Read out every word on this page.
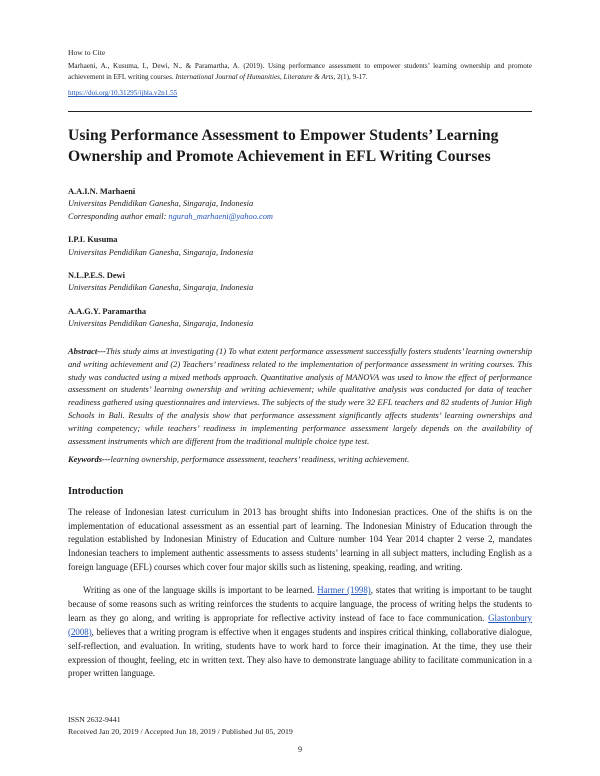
How to Cite
Marhaeni, A., Kusuma, I., Dewi, N., & Paramartha, A. (2019). Using performance assessment to empower students’ learning ownership and promote achievement in EFL writing courses. International Journal of Humanities, Literature & Arts, 2(1), 9-17.
https://doi.org/10.31295/ijhla.v2n1.55
Using Performance Assessment to Empower Students’ Learning Ownership and Promote Achievement in EFL Writing Courses
A.A.I.N. Marhaeni
Universitas Pendidikan Ganesha, Singaraja, Indonesia
Corresponding author email: ngurah_marhaeni@yahoo.com
I.P.I. Kusuma
Universitas Pendidikan Ganesha, Singaraja, Indonesia
N.L.P.E.S. Dewi
Universitas Pendidikan Ganesha, Singaraja, Indonesia
A.A.G.Y. Paramartha
Universitas Pendidikan Ganesha, Singaraja, Indonesia
Abstract---This study aims at investigating (1) To what extent performance assessment successfully fosters students’ learning ownership and writing achievement and (2) Teachers’ readiness related to the implementation of performance assessment in writing courses. This study was conducted using a mixed methods approach. Quantitative analysis of MANOVA was used to know the effect of performance assessment on students’ learning ownership and writing achievement; while qualitative analysis was conducted for data of teacher readiness gathered using questionnaires and interviews. The subjects of the study were 32 EFL teachers and 82 students of Junior High Schools in Bali. Results of the analysis show that performance assessment significantly affects students’ learning ownerships and writing competency; while teachers’ readiness in implementing performance assessment largely depends on the availability of assessment instruments which are different from the traditional multiple choice type test.
Keywords---learning ownership, performance assessment, teachers’ readiness, writing achievement.
Introduction

The release of Indonesian latest curriculum in 2013 has brought shifts into Indonesian practices. One of the shifts is on the implementation of educational assessment as an essential part of learning. The Indonesian Ministry of Education through the regulation established by Indonesian Ministry of Education and Culture number 104 Year 2014 chapter 2 verse 2, mandates Indonesian teachers to implement authentic assessments to assess students’ learning in all subject matters, including English as a foreign language (EFL) courses which cover four major skills such as listening, speaking, reading, and writing.

Writing as one of the language skills is important to be learned. Harmer (1998), states that writing is important to be taught because of some reasons such as writing reinforces the students to acquire language, the process of writing helps the students to learn as they go along, and writing is appropriate for reflective activity instead of face to face communication. Glastonbury (2008), believes that a writing program is effective when it engages students and inspires critical thinking, collaborative dialogue, self-reflection, and evaluation. In writing, students have to work hard to force their imagination. At the time, they use their expression of thought, feeling, etc in written text. They also have to demonstrate language ability to facilitate communication in a proper written language.

ISSN 2632-9441
Received Jan 20, 2019 / Accepted Jun 18, 2019 / Published Jul 05, 2019
9
